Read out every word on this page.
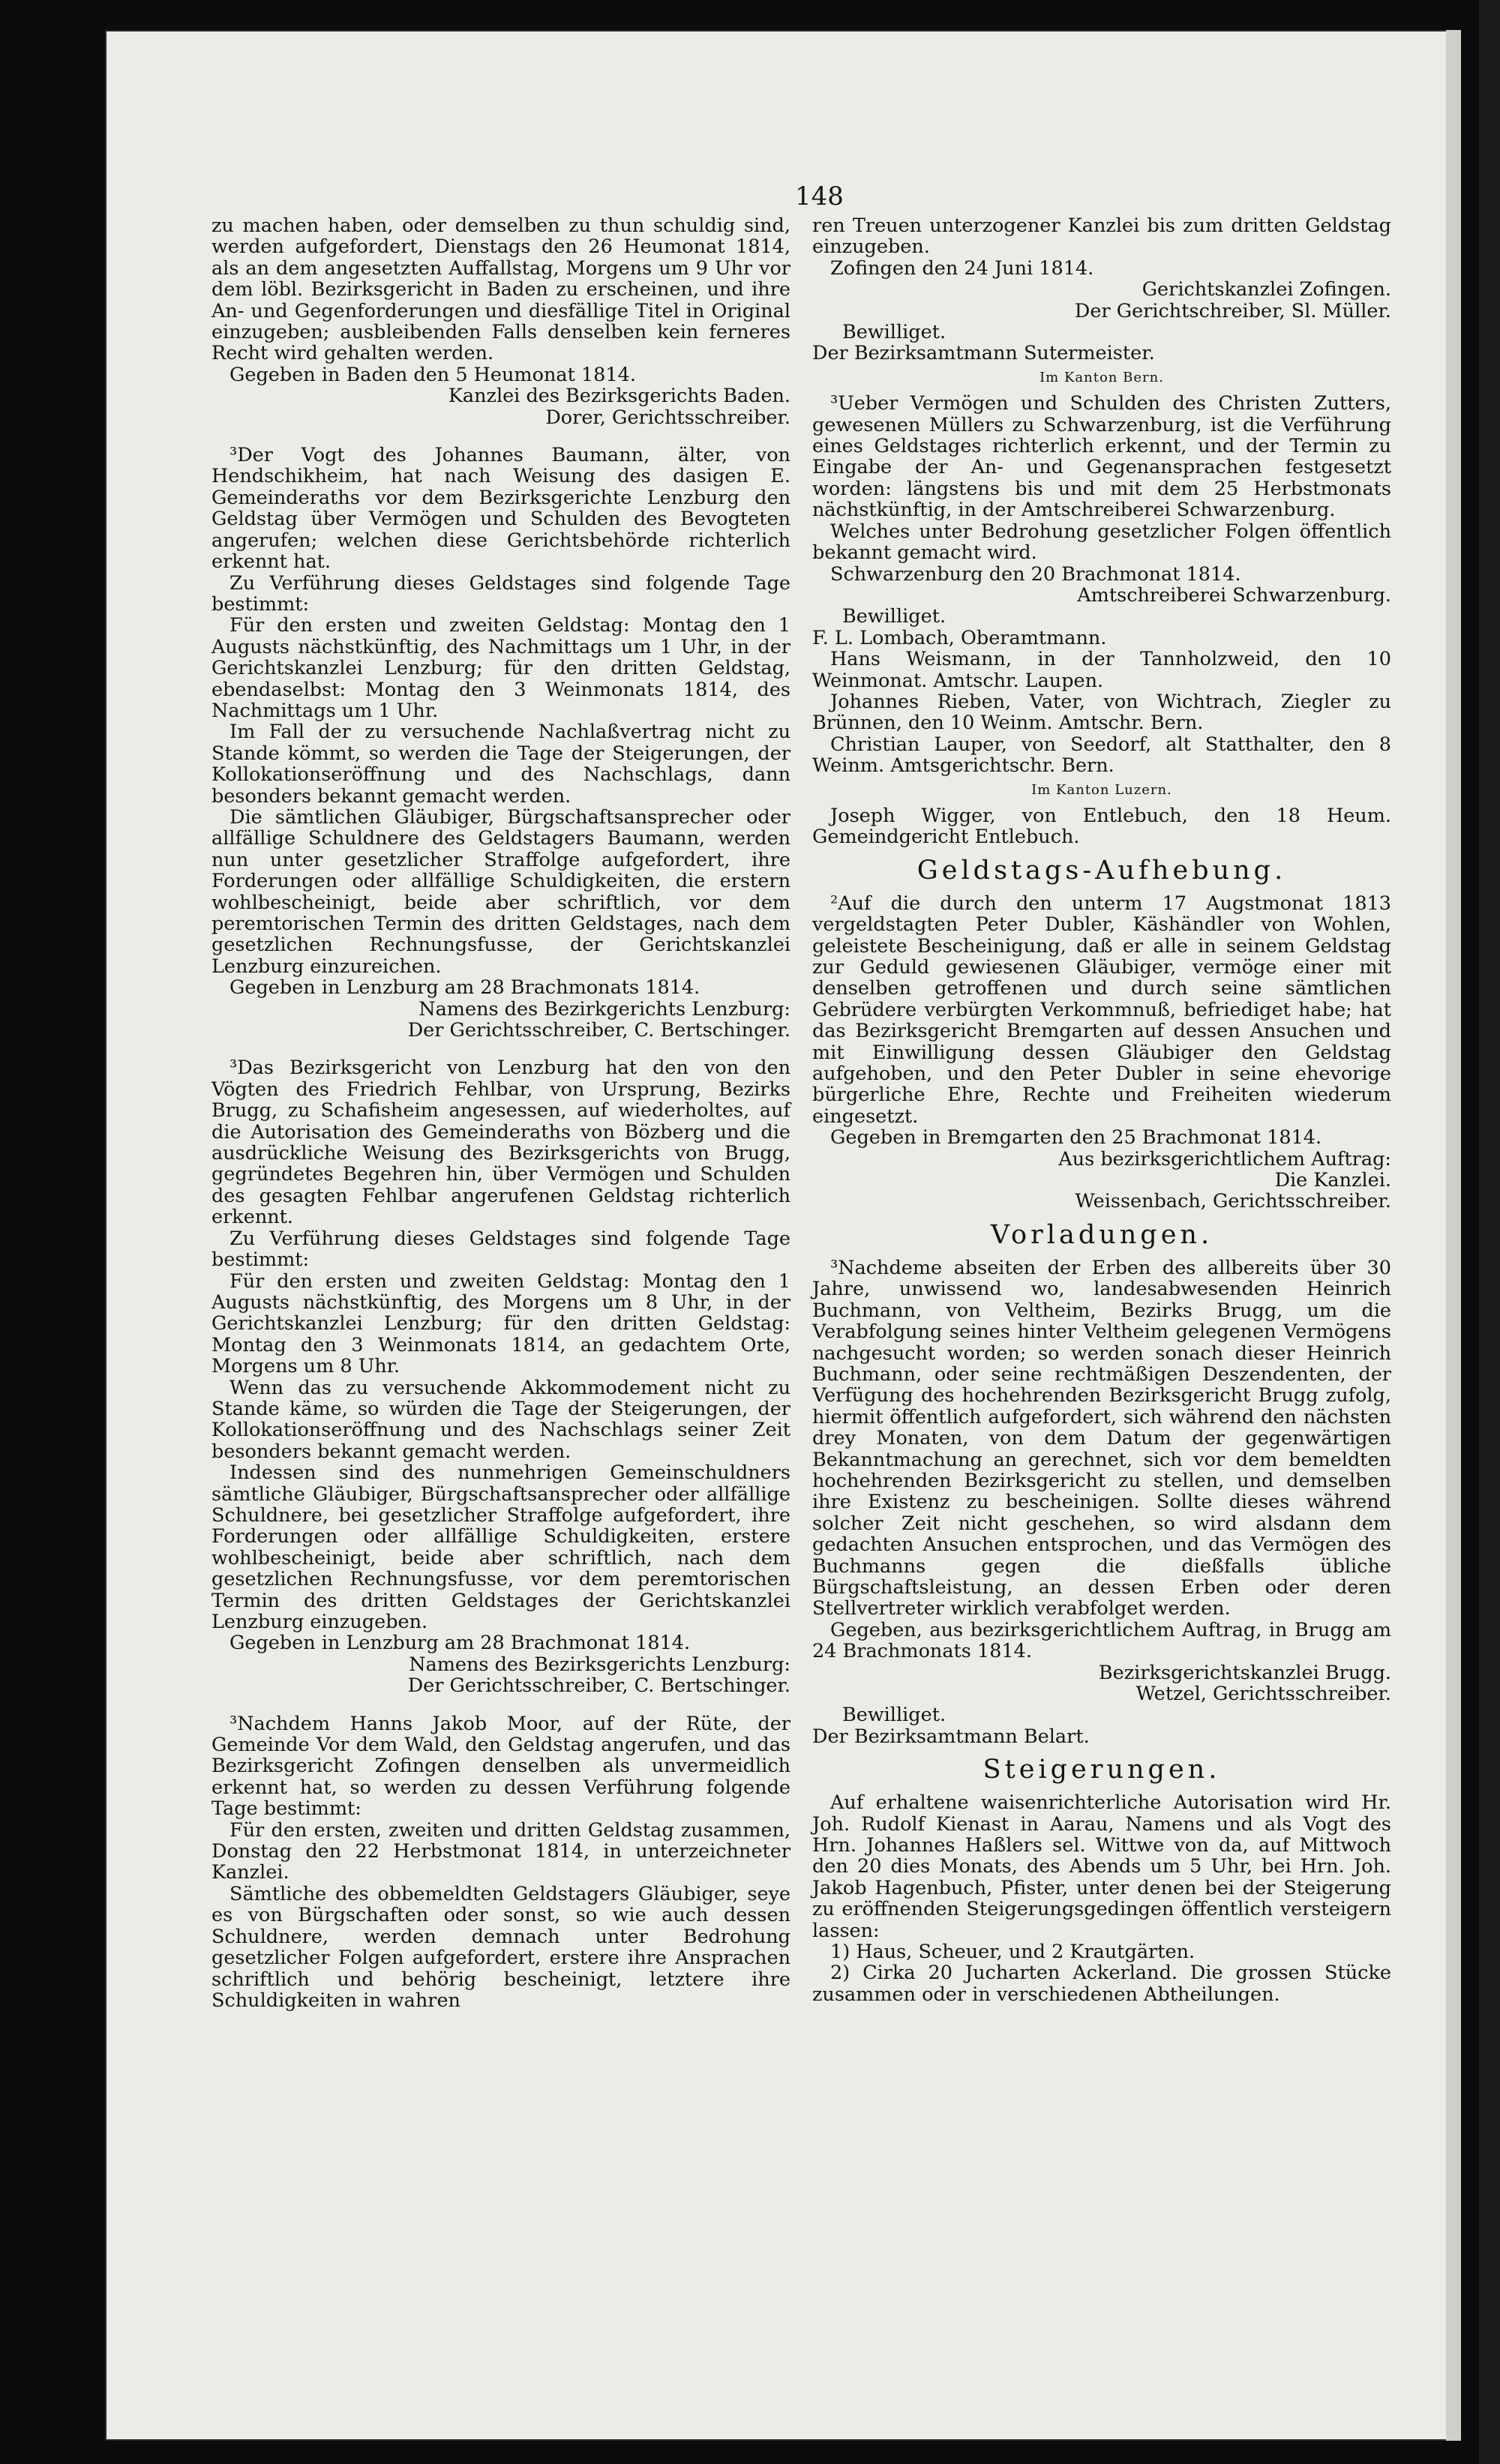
148
zu machen haben, oder demselben zu thun schuldig sind, werden aufgefordert, Dienstags den 26 Heumonat 1814, als an dem angesetzten Auffallstag, Morgens um 9 Uhr vor dem löbl. Bezirksgericht in Baden zu erscheinen, und ihre An- und Gegenforderungen und diesfällige Titel in Original einzugeben; ausbleibenden Falls denselben kein ferneres Recht wird gehalten werden.
Gegeben in Baden den 5 Heumonat 1814.
Kanzlei des Bezirksgerichts Baden.
Dorer, Gerichtsschreiber.
³Der Vogt des Johannes Baumann, älter, von Hendschikheim, hat nach Weisung des dasigen E. Gemeinderaths vor dem Bezirksgerichte Lenzburg den Geldstag über Vermögen und Schulden des Bevogteten angerufen; welchen diese Gerichtsbehörde richterlich erkennt hat.
Zu Verführung dieses Geldstages sind folgende Tage bestimmt:
Für den ersten und zweiten Geldstag: Montag den 1 Augusts nächstkünftig, des Nachmittags um 1 Uhr, in der Gerichtskanzlei Lenzburg; für den dritten Geldstag, ebendaselbst: Montag den 3 Weinmonats 1814, des Nachmittags um 1 Uhr.
Im Fall der zu versuchende Nachlaßvertrag nicht zu Stande kömmt, so werden die Tage der Steigerungen, der Kollokationseröffnung und des Nachschlags, dann besonders bekannt gemacht werden.
Die sämtlichen Gläubiger, Bürgschaftsansprecher oder allfällige Schuldnere des Geldstagers Baumann, werden nun unter gesetzlicher Straffolge aufgefordert, ihre Forderungen oder allfällige Schuldigkeiten, die erstern wohlbescheinigt, beide aber schriftlich, vor dem peremtorischen Termin des dritten Geldstages, nach dem gesetzlichen Rechnungsfusse, der Gerichtskanzlei Lenzburg einzureichen.
Gegeben in Lenzburg am 28 Brachmonats 1814.
Namens des Bezirkgerichts Lenzburg:
Der Gerichtsschreiber, C. Bertschinger.
³Das Bezirksgericht von Lenzburg hat den von den Vögten des Friedrich Fehlbar, von Ursprung, Bezirks Brugg, zu Schafisheim angesessen, auf wiederholtes, auf die Autorisation des Gemeinderaths von Bözberg und die ausdrückliche Weisung des Bezirksgerichts von Brugg, gegründetes Begehren hin, über Vermögen und Schulden des gesagten Fehlbar angerufenen Geldstag richterlich erkennt.
Zu Verführung dieses Geldstages sind folgende Tage bestimmt:
Für den ersten und zweiten Geldstag: Montag den 1 Augusts nächstkünftig, des Morgens um 8 Uhr, in der Gerichtskanzlei Lenzburg; für den dritten Geldstag: Montag den 3 Weinmonats 1814, an gedachtem Orte, Morgens um 8 Uhr.
Wenn das zu versuchende Akkommodement nicht zu Stande käme, so würden die Tage der Steigerungen, der Kollokationseröffnung und des Nachschlags seiner Zeit besonders bekannt gemacht werden.
Indessen sind des nunmehrigen Gemeinschuldners sämtliche Gläubiger, Bürgschaftsansprecher oder allfällige Schuldnere, bei gesetzlicher Straffolge aufgefordert, ihre Forderungen oder allfällige Schuldigkeiten, erstere wohlbescheinigt, beide aber schriftlich, nach dem gesetzlichen Rechnungsfusse, vor dem peremtorischen Termin des dritten Geldstages der Gerichtskanzlei Lenzburg einzugeben.
Gegeben in Lenzburg am 28 Brachmonat 1814.
Namens des Bezirksgerichts Lenzburg:
Der Gerichtsschreiber, C. Bertschinger.
³Nachdem Hanns Jakob Moor, auf der Rüte, der Gemeinde Vor dem Wald, den Geldstag angerufen, und das Bezirksgericht Zofingen denselben als unvermeidlich erkennt hat, so werden zu dessen Verführung folgende Tage bestimmt:
Für den ersten, zweiten und dritten Geldstag zusammen, Donstag den 22 Herbstmonat 1814, in unterzeichneter Kanzlei.
Sämtliche des obbemeldten Geldstagers Gläubiger, seye es von Bürgschaften oder sonst, so wie auch dessen Schuldnere, werden demnach unter Bedrohung gesetzlicher Folgen aufgefordert, erstere ihre Ansprachen schriftlich und behörig bescheinigt, letztere ihre Schuldigkeiten in wahren
ren Treuen unterzogener Kanzlei bis zum dritten Geldstag einzugeben.
Zofingen den 24 Juni 1814.
Gerichtskanzlei Zofingen.
Der Gerichtschreiber, Sl. Müller.
Bewilliget.
Der Bezirksamtmann Sutermeister.
Im Kanton Bern.
³Ueber Vermögen und Schulden des Christen Zutters, gewesenen Müllers zu Schwarzenburg, ist die Verführung eines Geldstages richterlich erkennt, und der Termin zu Eingabe der An- und Gegenansprachen festgesetzt worden: längstens bis und mit dem 25 Herbstmonats nächstkünftig, in der Amtschreiberei Schwarzenburg.
Welches unter Bedrohung gesetzlicher Folgen öffentlich bekannt gemacht wird.
Schwarzenburg den 20 Brachmonat 1814.
Amtschreiberei Schwarzenburg.
Bewilliget.
F. L. Lombach, Oberamtmann.
Hans Weismann, in der Tannholzweid, den 10 Weinmonat. Amtschr. Laupen.
Johannes Rieben, Vater, von Wichtrach, Ziegler zu Brünnen, den 10 Weinm. Amtschr. Bern.
Christian Lauper, von Seedorf, alt Statthalter, den 8 Weinm. Amtsgerichtschr. Bern.
Im Kanton Luzern.
Joseph Wigger, von Entlebuch, den 18 Heum. Gemeindgericht Entlebuch.
Geldstags-Aufhebung.
²Auf die durch den unterm 17 Augstmonat 1813 vergeldstagten Peter Dubler, Käshändler von Wohlen, geleistete Bescheinigung, daß er alle in seinem Geldstag zur Geduld gewiesenen Gläubiger, vermöge einer mit denselben getroffenen und durch seine sämtlichen Gebrüdere verbürgten Verkommnuß, befriediget habe; hat das Bezirksgericht Bremgarten auf dessen Ansuchen und mit Einwilligung dessen Gläubiger den Geldstag aufgehoben, und den Peter Dubler in seine ehevorige bürgerliche Ehre, Rechte und Freiheiten wiederum eingesetzt.
Gegeben in Bremgarten den 25 Brachmonat 1814.
Aus bezirksgerichtlichem Auftrag:
Die Kanzlei.
Weissenbach, Gerichtsschreiber.
Vorladungen.
³Nachdeme abseiten der Erben des allbereits über 30 Jahre, unwissend wo, landesabwesenden Heinrich Buchmann, von Veltheim, Bezirks Brugg, um die Verabfolgung seines hinter Veltheim gelegenen Vermögens nachgesucht worden; so werden sonach dieser Heinrich Buchmann, oder seine rechtmäßigen Deszendenten, der Verfügung des hochehrenden Bezirksgericht Brugg zufolg, hiermit öffentlich aufgefordert, sich während den nächsten drey Monaten, von dem Datum der gegenwärtigen Bekanntmachung an gerechnet, sich vor dem bemeldten hochehrenden Bezirksgericht zu stellen, und demselben ihre Existenz zu bescheinigen. Sollte dieses während solcher Zeit nicht geschehen, so wird alsdann dem gedachten Ansuchen entsprochen, und das Vermögen des Buchmanns gegen die dießfalls übliche Bürgschaftsleistung, an dessen Erben oder deren Stellvertreter wirklich verabfolget werden.
Gegeben, aus bezirksgerichtlichem Auftrag, in Brugg am 24 Brachmonats 1814.
Bezirksgerichtskanzlei Brugg.
Wetzel, Gerichtsschreiber.
Bewilliget.
Der Bezirksamtmann Belart.
Steigerungen.
Auf erhaltene waisenrichterliche Autorisation wird Hr. Joh. Rudolf Kienast in Aarau, Namens und als Vogt des Hrn. Johannes Haßlers sel. Wittwe von da, auf Mittwoch den 20 dies Monats, des Abends um 5 Uhr, bei Hrn. Joh. Jakob Hagenbuch, Pfister, unter denen bei der Steigerung zu eröffnenden Steigerungsgedingen öffentlich versteigern lassen:
1) Haus, Scheuer, und 2 Krautgärten.
2) Cirka 20 Jucharten Ackerland. Die grossen Stücke zusammen oder in verschiedenen Abtheilungen.
